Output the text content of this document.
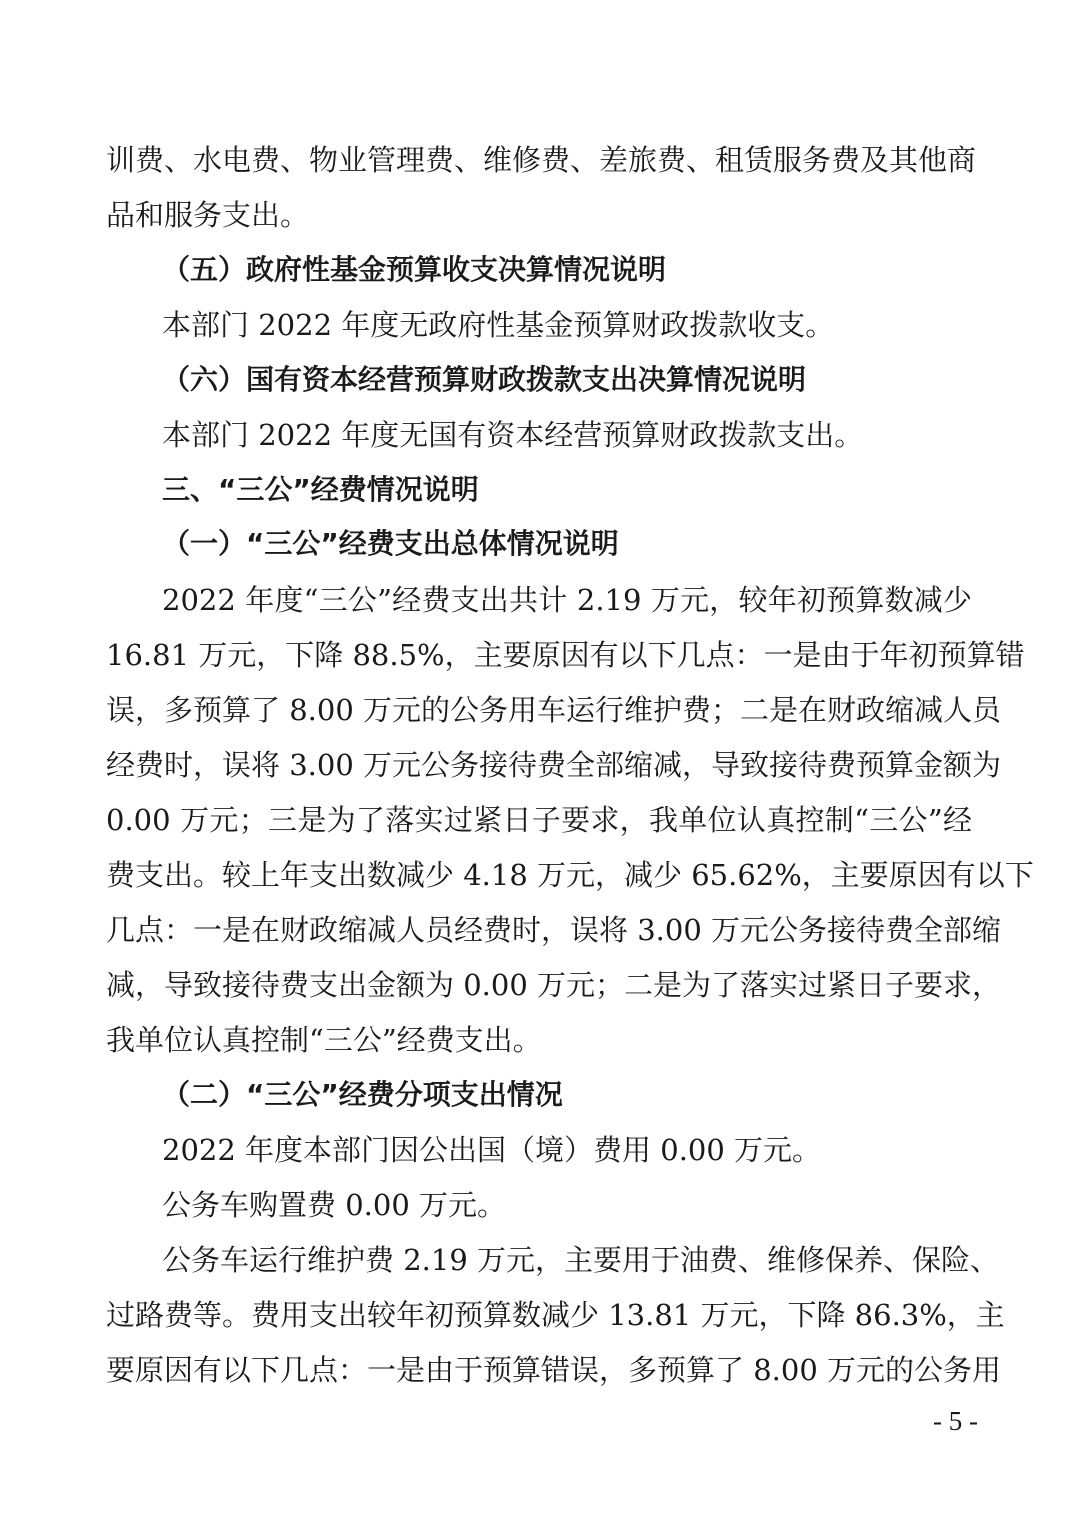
训费、水电费、物业管理费、维修费、差旅费、租赁服务费及其他商
品和服务支出。
（五）政府性基金预算收支决算情况说明
本部门 2022 年度无政府性基金预算财政拨款收支。
（六）国有资本经营预算财政拨款支出决算情况说明
本部门 2022 年度无国有资本经营预算财政拨款支出。
三、“三公”经费情况说明
（一）“三公”经费支出总体情况说明
2022 年度“三公”经费支出共计 2.19 万元，较年初预算数减少
16.81 万元，下降 88.5%，主要原因有以下几点：一是由于年初预算错
误，多预算了 8.00 万元的公务用车运行维护费；二是在财政缩减人员
经费时，误将 3.00 万元公务接待费全部缩减，导致接待费预算金额为
0.00 万元；三是为了落实过紧日子要求，我单位认真控制“三公”经
费支出。较上年支出数减少 4.18 万元，减少 65.62%，主要原因有以下
几点：一是在财政缩减人员经费时，误将 3.00 万元公务接待费全部缩
减，导致接待费支出金额为 0.00 万元；二是为了落实过紧日子要求，
我单位认真控制“三公”经费支出。
（二）“三公”经费分项支出情况
2022 年度本部门因公出国（境）费用 0.00 万元。
公务车购置费 0.00 万元。
公务车运行维护费 2.19 万元，主要用于油费、维修保养、保险、
过路费等。费用支出较年初预算数减少 13.81 万元，下降 86.3%，主
要原因有以下几点：一是由于预算错误，多预算了 8.00 万元的公务用
- 5 -
